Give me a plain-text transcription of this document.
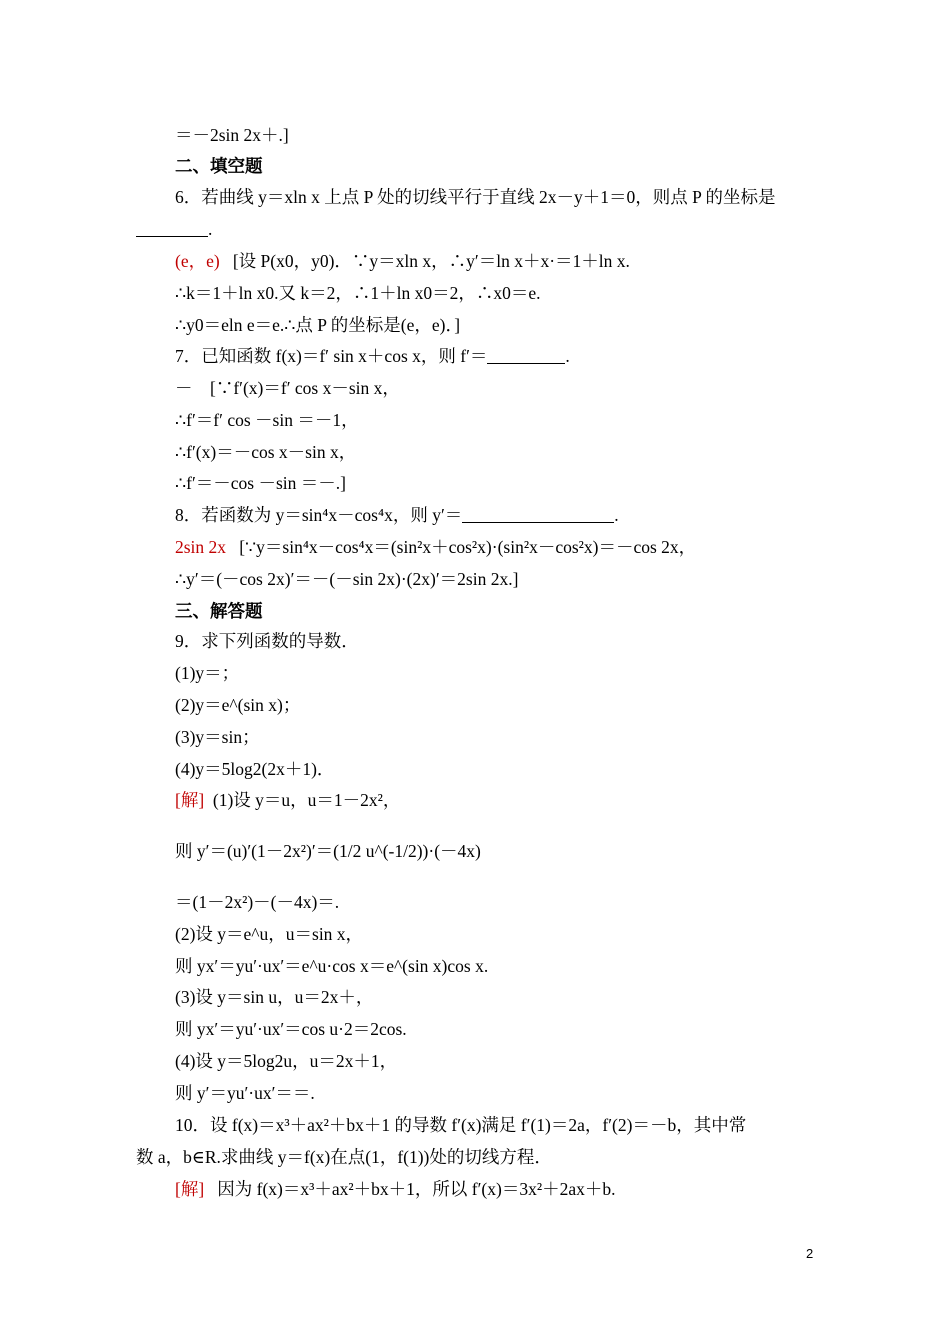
＝－2sin 2x＋.]
二、填空题
6．若曲线 y＝xln x 上点 P 处的切线平行于直线 2x－y＋1＝0，则点 P 的坐标是
.
(e，e) [设 P(x0，y0)．∵y＝xln x，∴y′＝ln x＋x·＝1＋ln x.
∴k＝1＋ln x0.又 k＝2，∴1＋ln x0＝2，∴x0＝e.
∴y0＝eln e＝e.∴点 P 的坐标是(e，e)．]
7．已知函数 f(x)＝f′ sin x＋cos x，则 f′＝	.
－ [∵f′(x)＝f′ cos x－sin x，
∴f′＝f′ cos －sin ＝－1，
∴f′(x)＝－cos x－sin x，
∴f′＝－cos －sin ＝－.]
8．若函数为 y＝sin⁴x－cos⁴x，则 y′＝	.
2sin 2x [∵y＝sin⁴x－cos⁴x＝(sin²x＋cos²x)·(sin²x－cos²x)＝－cos 2x，
∴y′＝(－cos 2x)′＝－(－sin 2x)·(2x)′＝2sin 2x.]
三、解答题
9．求下列函数的导数．
(1)y＝；
(2)y＝e^(sin x)；
(3)y＝sin；
(4)y＝5log2(2x＋1)．
[解] (1)设 y＝u，u＝1－2x²，
则 y′＝(u)′(1－2x²)′＝(1/2 u^(-1/2))·(－4x)
＝(1－2x²)－(－4x)＝.
(2)设 y＝e^u，u＝sin x，
则 yx′＝yu′·ux′＝e^u·cos x＝e^(sin x)cos x.
(3)设 y＝sin u，u＝2x＋，
则 yx′＝yu′·ux′＝cos u·2＝2cos.
(4)设 y＝5log2u，u＝2x＋1，
则 y′＝yu′·ux′＝＝.
10．设 f(x)＝x³＋ax²＋bx＋1 的导数 f′(x)满足 f′(1)＝2a，f′(2)＝－b，其中常
数 a，b∈R.求曲线 y＝f(x)在点(1，f(1))处的切线方程．
[解] 因为 f(x)＝x³＋ax²＋bx＋1，所以 f′(x)＝3x²＋2ax＋b.
2
